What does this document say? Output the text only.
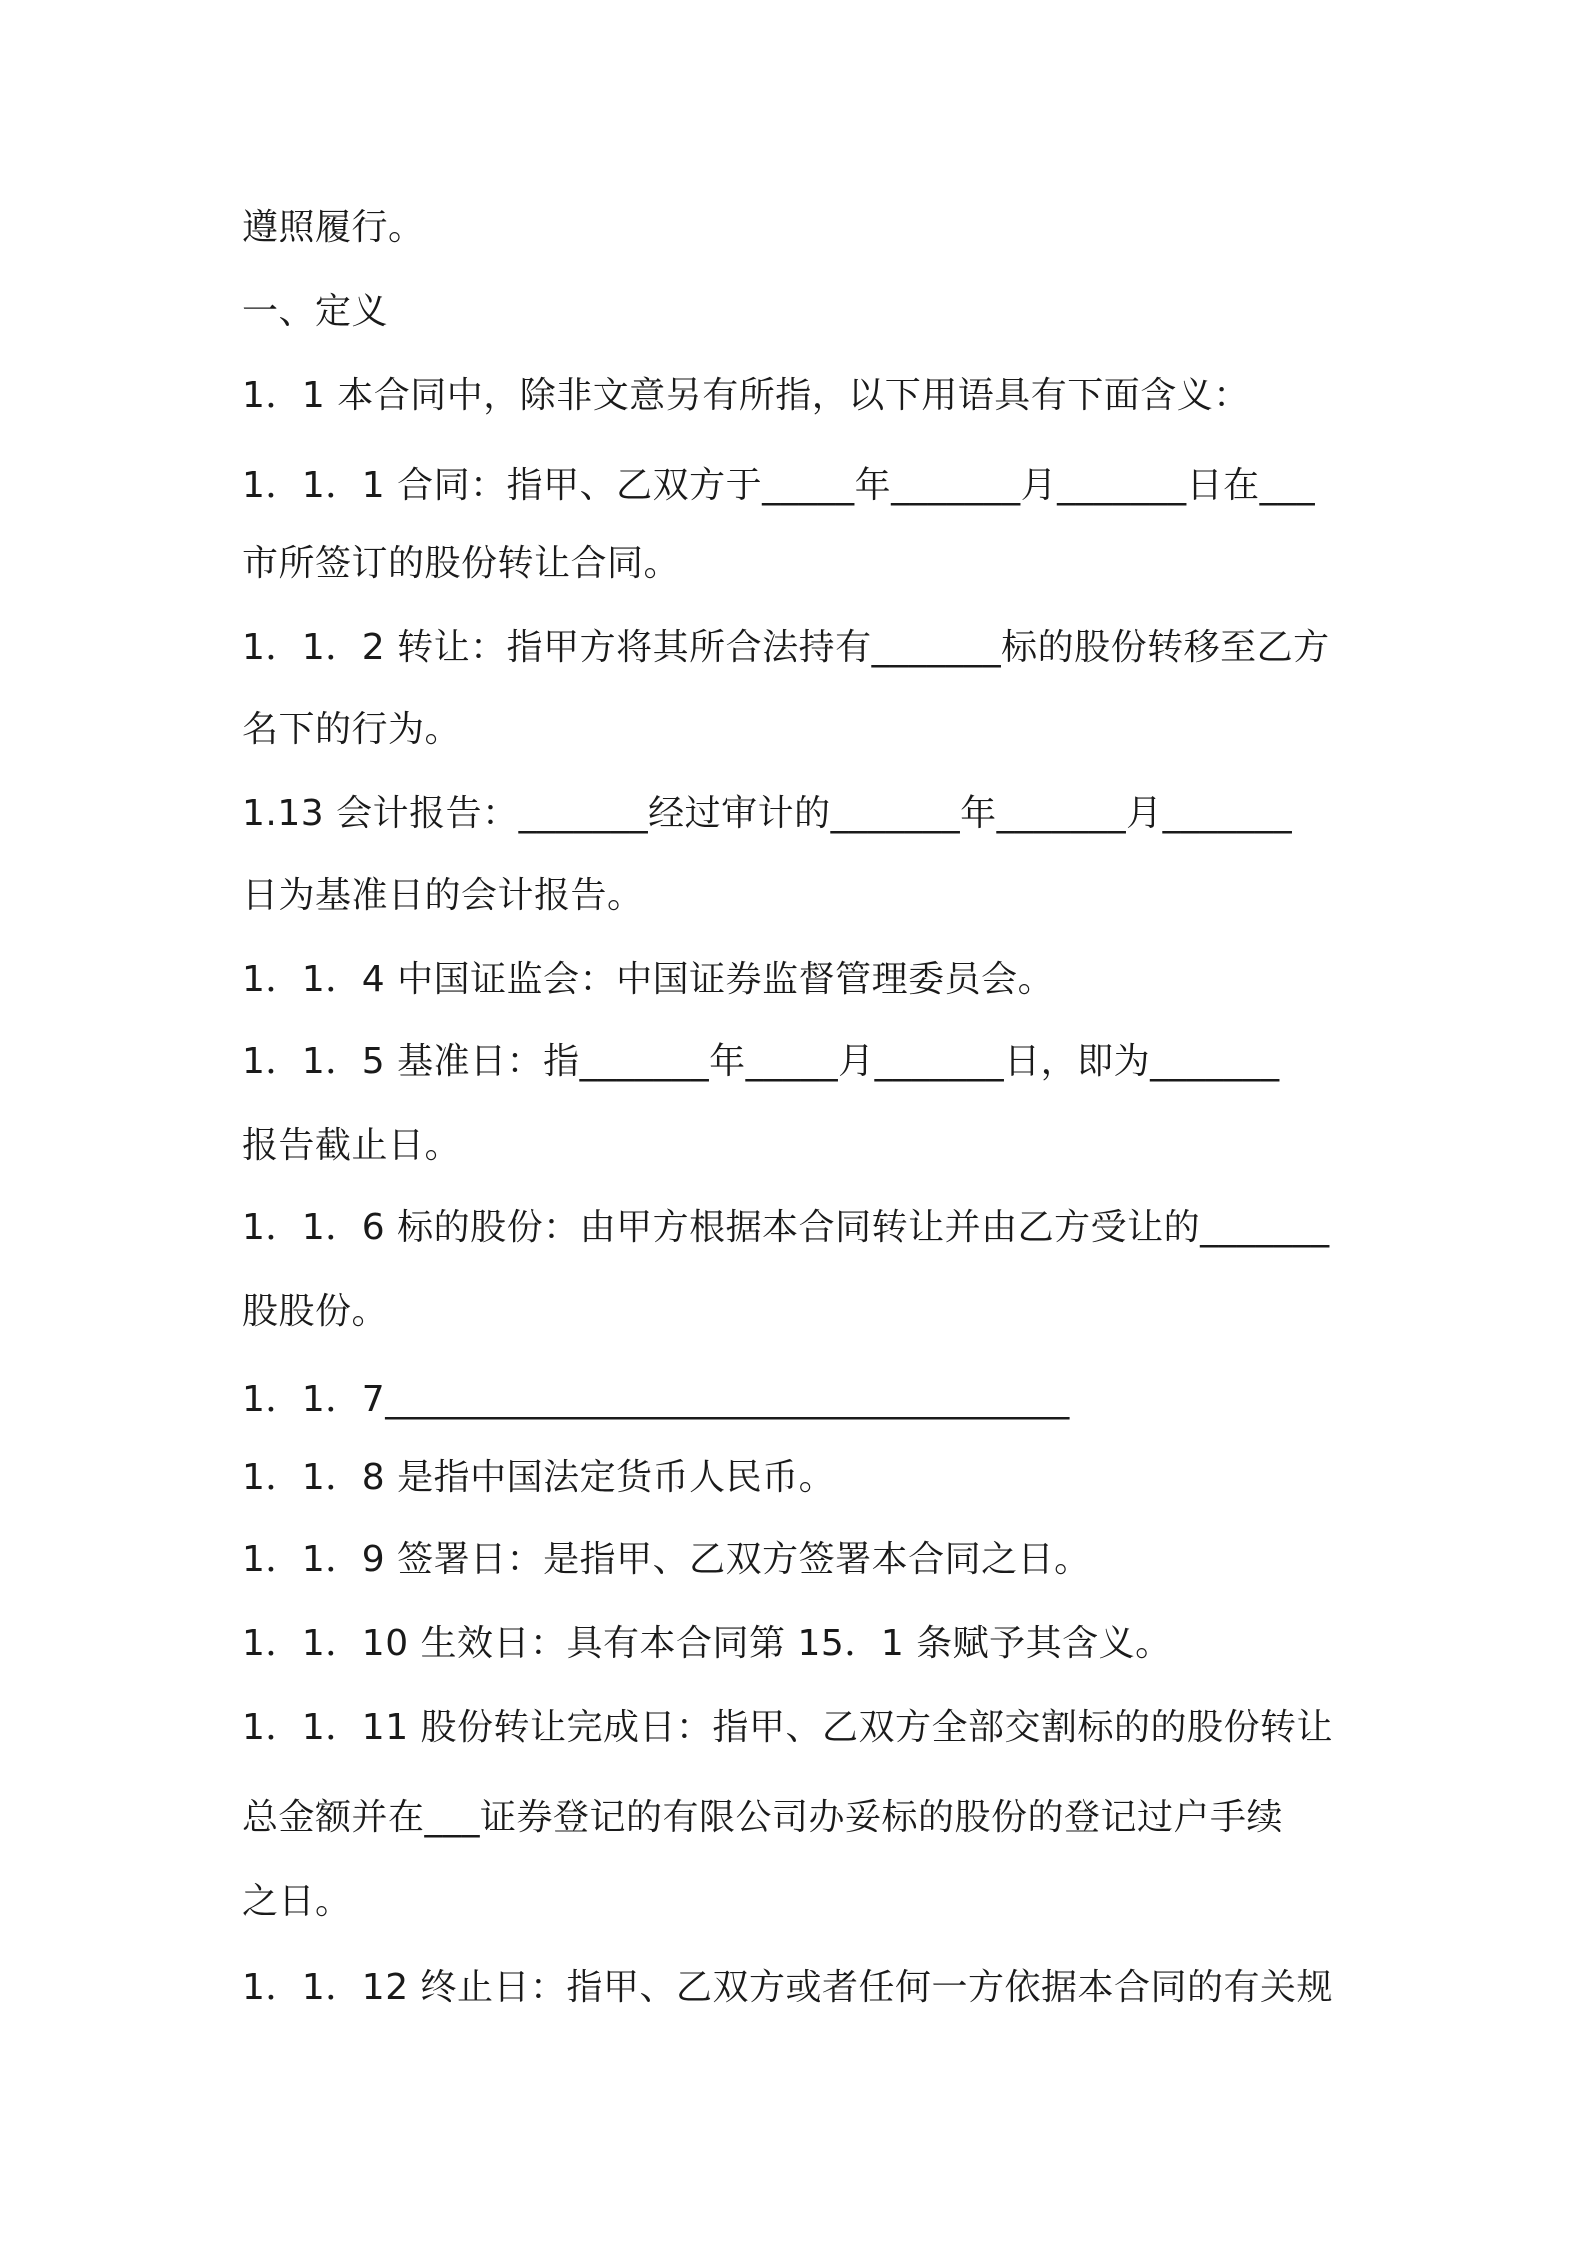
遵照履行。
一、定义
1．1 本合同中，除非文意另有所指，以下用语具有下面含义：
1．1．1 合同：指甲、乙双方于_____年_______月_______日在___
市所签订的股份转让合同。
1．1．2 转让：指甲方将其所合法持有_______标的股份转移至乙方
名下的行为。
1.13 会计报告：_______经过审计的_______年_______月_______
日为基准日的会计报告。
1．1．4 中国证监会：中国证券监督管理委员会。
1．1．5 基准日：指_______年_____月_______日，即为_______
报告截止日。
1．1．6 标的股份：由甲方根据本合同转让并由乙方受让的_______
股股份。
1．1．7_____________________________________
1．1．8 是指中国法定货币人民币。
1．1．9 签署日：是指甲、乙双方签署本合同之日。
1．1．10 生效日：具有本合同第 15．1 条赋予其含义。
1．1．11 股份转让完成日：指甲、乙双方全部交割标的的股份转让
总金额并在___证券登记的有限公司办妥标的股份的登记过户手续
之日。
1．1．12 终止日：指甲、乙双方或者任何一方依据本合同的有关规
